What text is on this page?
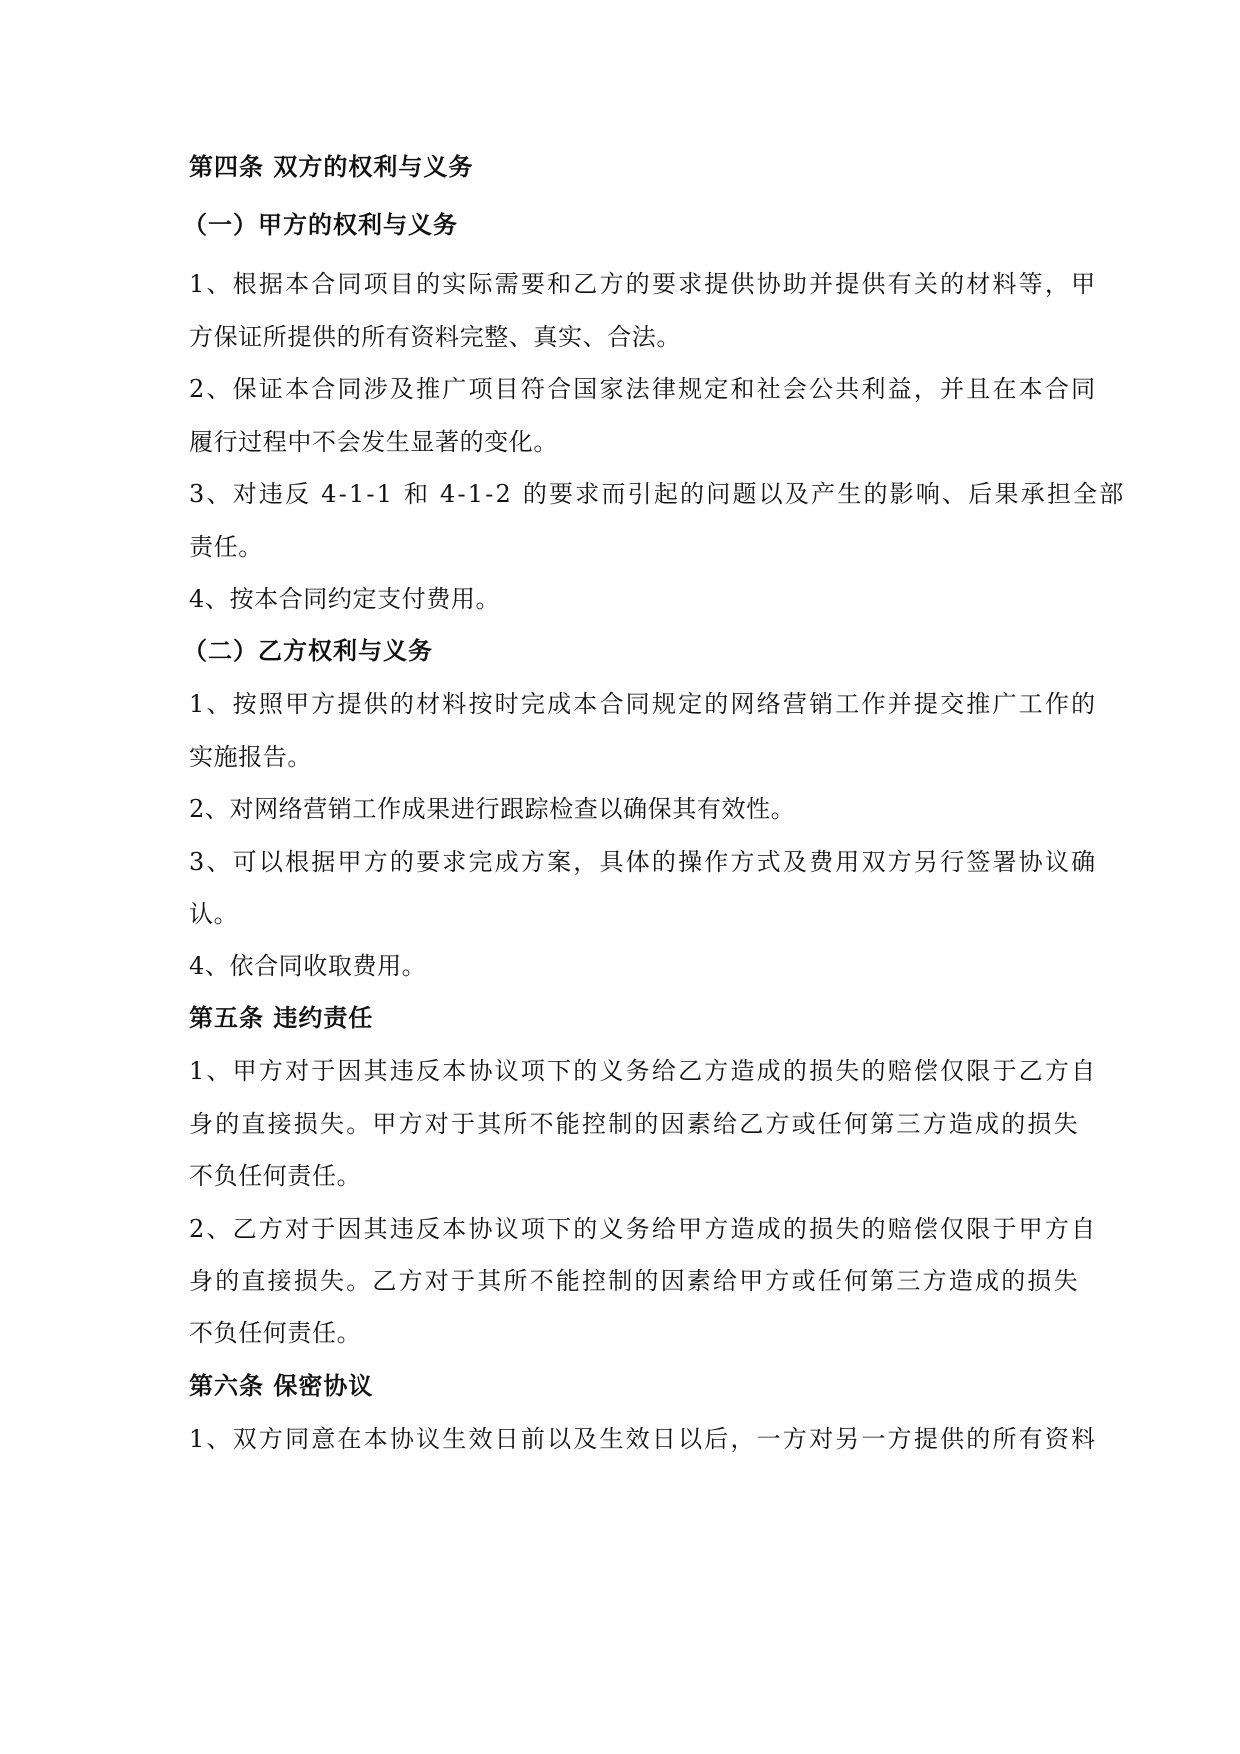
第四条 双方的权利与义务
（一）甲方的权利与义务
1、根据本合同项目的实际需要和乙方的要求提供协助并提供有关的材料等，甲
方保证所提供的所有资料完整、真实、合法。
2、保证本合同涉及推广项目符合国家法律规定和社会公共利益，并且在本合同
履行过程中不会发生显著的变化。
3、对违反 4-1-1 和 4-1-2 的要求而引起的问题以及产生的影响、后果承担全部
责任。
4、按本合同约定支付费用。
（二）乙方权利与义务
1、按照甲方提供的材料按时完成本合同规定的网络营销工作并提交推广工作的
实施报告。
2、对网络营销工作成果进行跟踪检查以确保其有效性。
3、可以根据甲方的要求完成方案，具体的操作方式及费用双方另行签署协议确
认。
4、依合同收取费用。
第五条 违约责任
1、甲方对于因其违反本协议项下的义务给乙方造成的损失的赔偿仅限于乙方自
身的直接损失。甲方对于其所不能控制的因素给乙方或任何第三方造成的损失
不负任何责任。
2、乙方对于因其违反本协议项下的义务给甲方造成的损失的赔偿仅限于甲方自
身的直接损失。乙方对于其所不能控制的因素给甲方或任何第三方造成的损失
不负任何责任。
第六条 保密协议
1、双方同意在本协议生效日前以及生效日以后，一方对另一方提供的所有资料
